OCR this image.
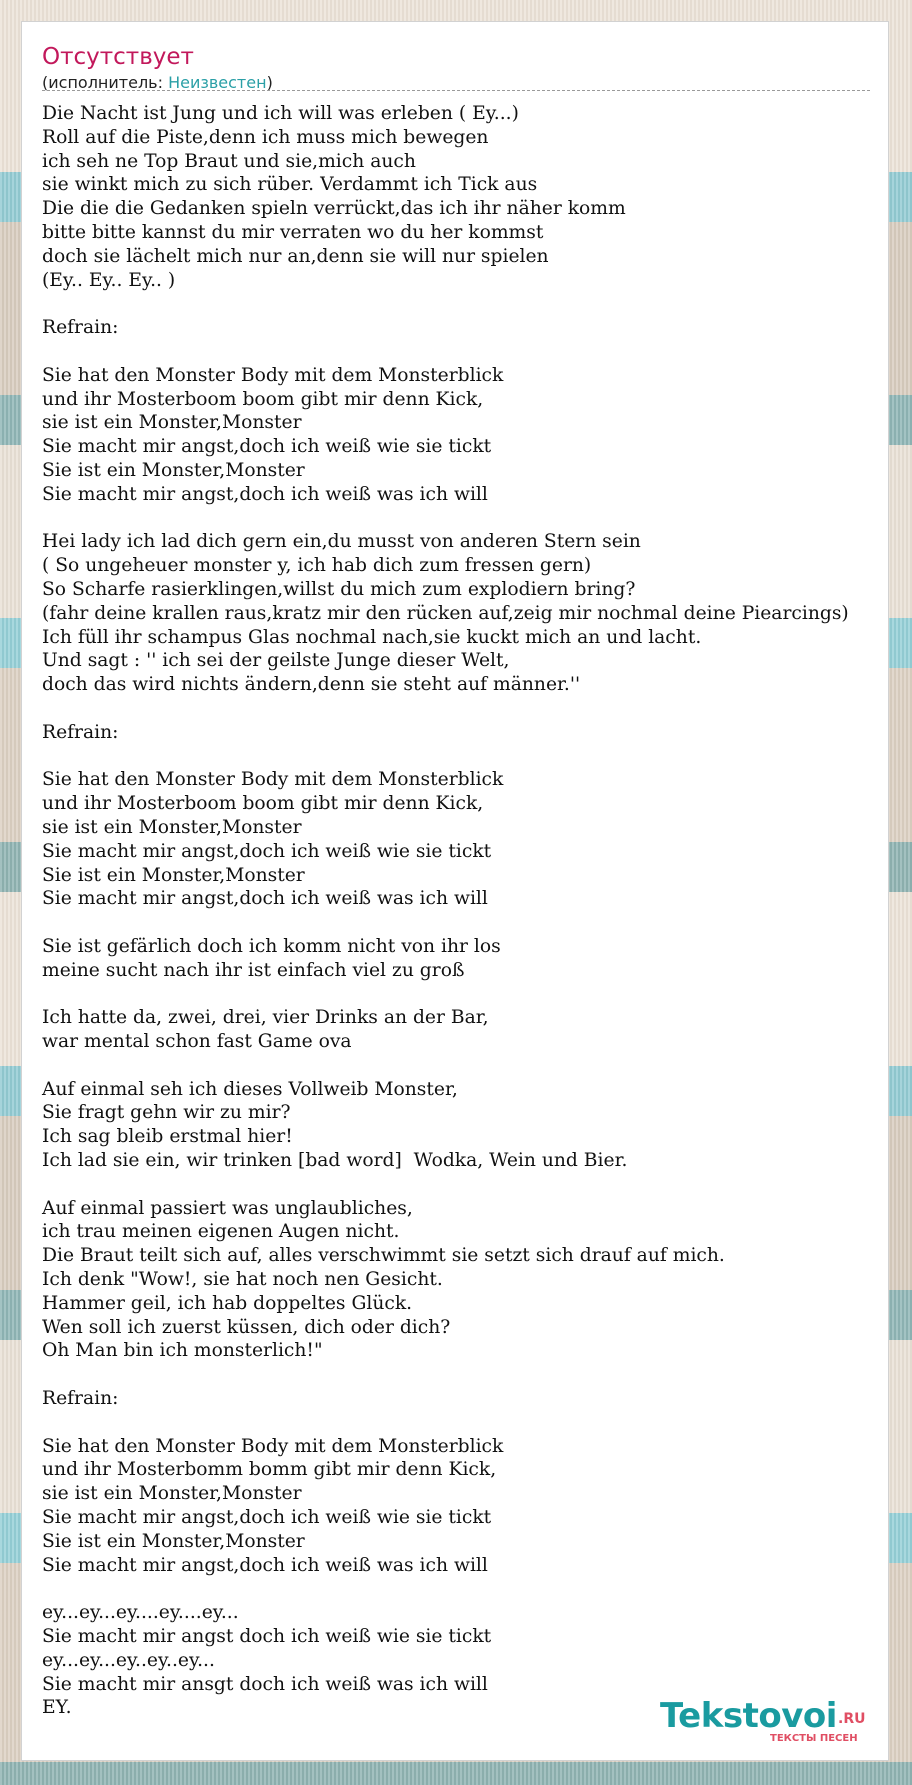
Отсутствует
(исполнитель: Неизвестен)
Die Nacht ist Jung und ich will was erleben ( Ey...)
Roll auf die Piste,denn ich muss mich bewegen
ich seh ne Top Braut und sie,mich auch
sie winkt mich zu sich rüber. Verdammt ich Tick aus
Die die die Gedanken spieln verrückt,das ich ihr näher komm
bitte bitte kannst du mir verraten wo du her kommst
doch sie lächelt mich nur an,denn sie will nur spielen
(Ey.. Ey.. Ey.. )

Refrain:

Sie hat den Monster Body mit dem Monsterblick
und ihr Mosterboom boom gibt mir denn Kick,
sie ist ein Monster,Monster
Sie macht mir angst,doch ich weiß wie sie tickt
Sie ist ein Monster,Monster
Sie macht mir angst,doch ich weiß was ich will

Hei lady ich lad dich gern ein,du musst von anderen Stern sein
( So ungeheuer monster y, ich hab dich zum fressen gern)
So Scharfe rasierklingen,willst du mich zum explodiern bring?
(fahr deine krallen raus,kratz mir den rücken auf,zeig mir nochmal deine Piearcings)
Ich füll ihr schampus Glas nochmal nach,sie kuckt mich an und lacht.
Und sagt : '' ich sei der geilste Junge dieser Welt,
doch das wird nichts ändern,denn sie steht auf männer.''

Refrain:

Sie hat den Monster Body mit dem Monsterblick
und ihr Mosterboom boom gibt mir denn Kick,
sie ist ein Monster,Monster
Sie macht mir angst,doch ich weiß wie sie tickt
Sie ist ein Monster,Monster
Sie macht mir angst,doch ich weiß was ich will

Sie ist gefärlich doch ich komm nicht von ihr los
meine sucht nach ihr ist einfach viel zu groß

Ich hatte da, zwei, drei, vier Drinks an der Bar,
war mental schon fast Game ova

Auf einmal seh ich dieses Vollweib Monster,
Sie fragt gehn wir zu mir?
Ich sag bleib erstmal hier!
Ich lad sie ein, wir trinken [bad word]  Wodka, Wein und Bier.

Auf einmal passiert was unglaubliches,
ich trau meinen eigenen Augen nicht.
Die Braut teilt sich auf, alles verschwimmt sie setzt sich drauf auf mich.
Ich denk "Wow!, sie hat noch nen Gesicht.
Hammer geil, ich hab doppeltes Glück.
Wen soll ich zuerst küssen, dich oder dich?
Oh Man bin ich monsterlich!"

Refrain:

Sie hat den Monster Body mit dem Monsterblick
und ihr Mosterbomm bomm gibt mir denn Kick,
sie ist ein Monster,Monster
Sie macht mir angst,doch ich weiß wie sie tickt
Sie ist ein Monster,Monster
Sie macht mir angst,doch ich weiß was ich will

ey...ey...ey....ey....ey...
Sie macht mir angst doch ich weiß wie sie tickt
ey...ey...ey..ey..ey...
Sie macht mir ansgt doch ich weiß was ich will
EY.	Tekstovoi .RU
ТЕКСТЫ ПЕСЕН
